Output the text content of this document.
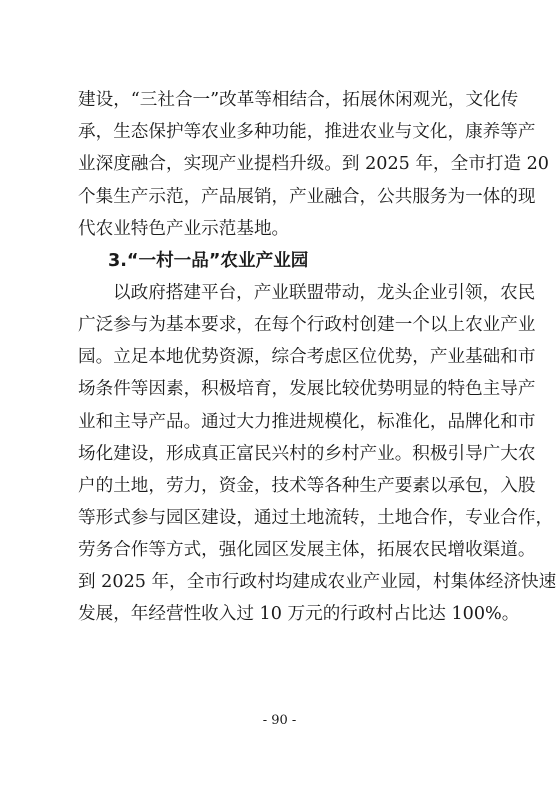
建设，“三社合一”改革等相结合，拓展休闲观光，文化传
承，生态保护等农业多种功能，推进农业与文化，康养等产
业深度融合，实现产业提档升级。到 2025 年，全市打造 20
个集生产示范，产品展销，产业融合，公共服务为一体的现
代农业特色产业示范基地。
3.“一村一品”农业产业园
以政府搭建平台，产业联盟带动，龙头企业引领，农民
广泛参与为基本要求，在每个行政村创建一个以上农业产业
园。立足本地优势资源，综合考虑区位优势，产业基础和市
场条件等因素，积极培育，发展比较优势明显的特色主导产
业和主导产品。通过大力推进规模化，标准化，品牌化和市
场化建设，形成真正富民兴村的乡村产业。积极引导广大农
户的土地，劳力，资金，技术等各种生产要素以承包，入股
等形式参与园区建设，通过土地流转，土地合作，专业合作，
劳务合作等方式，强化园区发展主体，拓展农民增收渠道。
到 2025 年，全市行政村均建成农业产业园，村集体经济快速
发展，年经营性收入过 10 万元的行政村占比达 100%。
- 90 -
